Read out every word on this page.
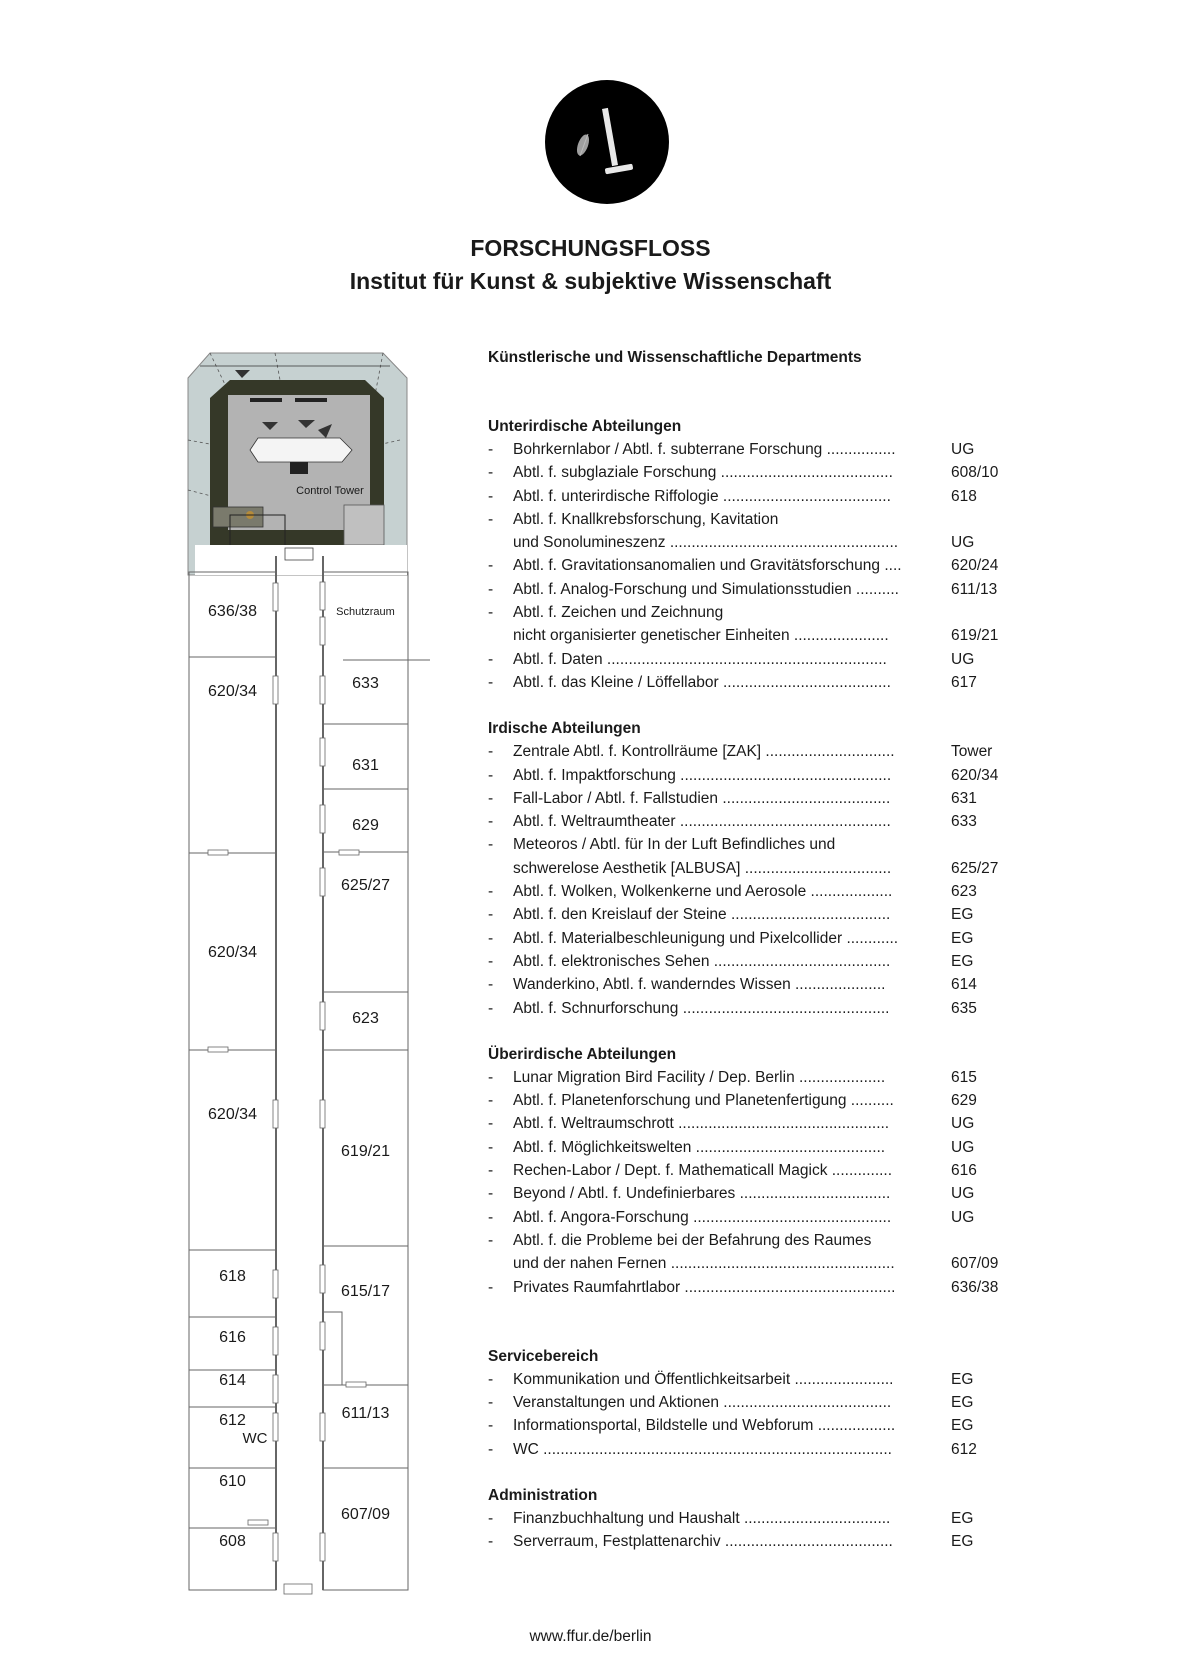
FORSCHUNGSFLOSS
Institut für Kunst & subjektive Wissenschaft
Control Tower
636/38
620/34
620/34
620/34
618
616
614
612
WC
610
608
Schutzraum
633
631
629
625/27
623
619/21
615/17
611/13
607/09
Künstlerische und Wissenschaftliche Departments
Unterirdische Abteilungen
-	Bohrkernlabor / Abtl. f. subterrane Forschung ................	UG
-	Abtl. f. subglaziale Forschung ........................................	608/10
-	Abtl. f. unterirdische Riffologie .......................................	618
-	Abtl. f. Knallkrebsforschung, Kavitation
und Sonolumineszenz .....................................................	UG
-	Abtl. f. Gravitationsanomalien und Gravitätsforschung ....	620/24
-	Abtl. f. Analog-Forschung und Simulationsstudien ..........	611/13
-	Abtl. f. Zeichen und Zeichnung
nicht organisierter genetischer Einheiten ......................	619/21
-	Abtl. f. Daten .................................................................	UG
-	Abtl. f. das Kleine / Löffellabor .......................................	617
Irdische Abteilungen
-	Zentrale Abtl. f. Kontrollräume [ZAK] ..............................	Tower
-	Abtl. f. Impaktforschung .................................................	620/34
-	Fall-Labor / Abtl. f. Fallstudien .......................................	631
-	Abtl. f. Weltraumtheater .................................................	633
-	Meteoros / Abtl. für In der Luft Befindliches und
schwerelose Aesthetik [ALBUSA] ..................................	625/27
-	Abtl. f. Wolken, Wolkenkerne und Aerosole ...................	623
-	Abtl. f. den Kreislauf der Steine .....................................	EG
-	Abtl. f. Materialbeschleunigung und Pixelcollider ............	EG
-	Abtl. f. elektronisches Sehen .........................................	EG
-	Wanderkino, Abtl. f. wanderndes Wissen .....................	614
-	Abtl. f. Schnurforschung ................................................	635
Überirdische Abteilungen
-	Lunar Migration Bird Facility / Dep. Berlin ....................	615
-	Abtl. f. Planetenforschung und Planetenfertigung ..........	629
-	Abtl. f. Weltraumschrott .................................................	UG
-	Abtl. f. Möglichkeitswelten ............................................	UG
-	Rechen-Labor / Dept. f. Mathematicall Magick ..............	616
-	Beyond / Abtl. f. Undefinierbares ...................................	UG
-	Abtl. f. Angora-Forschung ..............................................	UG
-	Abtl. f. die Probleme bei der Befahrung des Raumes
und der nahen Fernen ....................................................	607/09
-	Privates Raumfahrtlabor .................................................	636/38
Servicebereich
-	Kommunikation und Öffentlichkeitsarbeit .......................	EG
-	Veranstaltungen und Aktionen .......................................	EG
-	Informationsportal, Bildstelle und Webforum ..................	EG
-	WC .................................................................................	612
Administration
-	Finanzbuchhaltung und Haushalt ..................................	EG
-	Serverraum, Festplattenarchiv .......................................	EG
www.ffur.de/berlin
